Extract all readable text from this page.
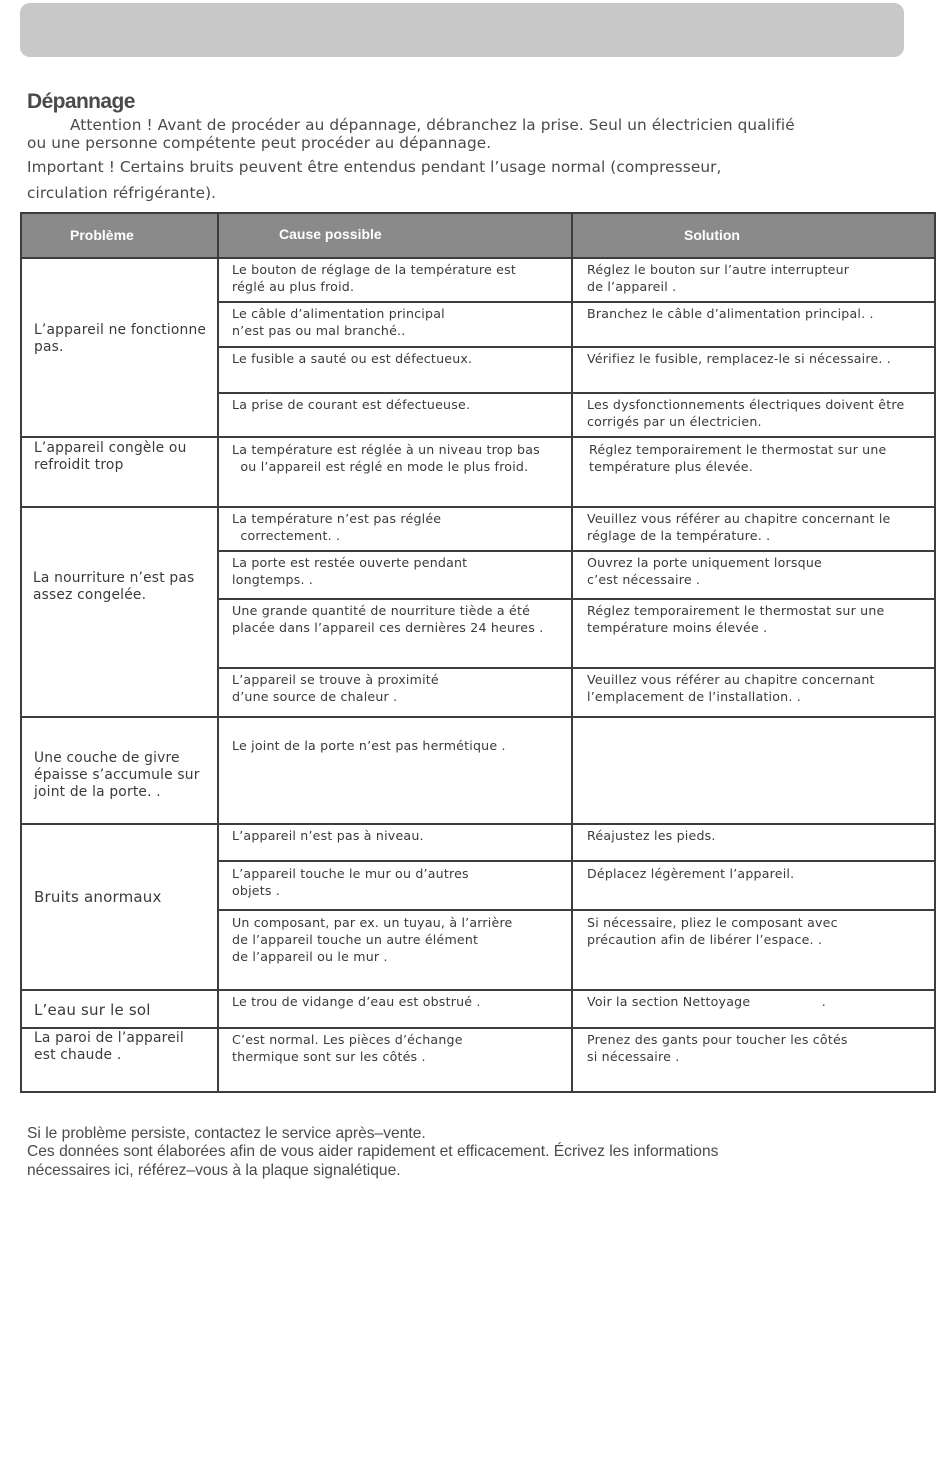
Dépannage
Attention ! Avant de procéder au dépannage, débranchez la prise. Seul un électricien qualifié
ou une personne compétente peut procéder au dépannage.
Important ! Certains bruits peuvent être entendus pendant l’usage normal (compresseur,
circulation réfrigérante).
Problème	Cause possible	Solution
L’appareil ne fonctionne
pas.
L’appareil congèle ou
refroidit trop
La nourriture n’est pas
assez congelée.
Une couche de givre
épaisse s’accumule sur
joint de la porte. .
Bruits anormaux
L’eau sur le sol
La paroi de l’appareil
est chaude .
Le bouton de réglage de la température est
réglé au plus froid.
Le câble d’alimentation principal
n’est pas ou mal branché..
Le fusible a sauté ou est défectueux.
La prise de courant est défectueuse.
La température est réglée à un niveau trop bas
ou l’appareil est réglé en mode le plus froid.
La température n’est pas réglée
correctement. .
La porte est restée ouverte pendant
longtemps. .
Une grande quantité de nourriture tiède a été
placée dans l’appareil ces dernières 24 heures .
L’appareil se trouve à proximité
d’une source de chaleur .
Le joint de la porte n’est pas hermétique .
L’appareil n’est pas à niveau.
L’appareil touche le mur ou d’autres
objets .
Un composant, par ex. un tuyau, à l’arrière
de l’appareil touche un autre élément
de l’appareil ou le mur .
Le trou de vidange d’eau est obstrué .
C’est normal. Les pièces d’échange
thermique sont sur les côtés .
Réglez le bouton sur l’autre interrupteur
de l’appareil .
Branchez le câble d’alimentation principal. .
Vérifiez le fusible, remplacez-le si nécessaire. .
Les dysfonctionnements électriques doivent être
corrigés par un électricien.
Réglez temporairement le thermostat sur une
température plus élevée.
Veuillez vous référer au chapitre concernant le
réglage de la température. .
Ouvrez la porte uniquement lorsque
c’est nécessaire .
Réglez temporairement le thermostat sur une
température moins élevée .
Veuillez vous référer au chapitre concernant
l’emplacement de l’installation. .
Réajustez les pieds.
Déplacez légèrement l’appareil.
Si nécessaire, pliez le composant avec
précaution afin de libérer l’espace. .
Voir la section Nettoyage                 .
Prenez des gants pour toucher les côtés
si nécessaire .
Si le problème persiste, contactez le service après–vente.
Ces données sont élaborées afin de vous aider rapidement et efficacement. Écrivez les informations
nécessaires ici, référez–vous à la plaque signalétique.
